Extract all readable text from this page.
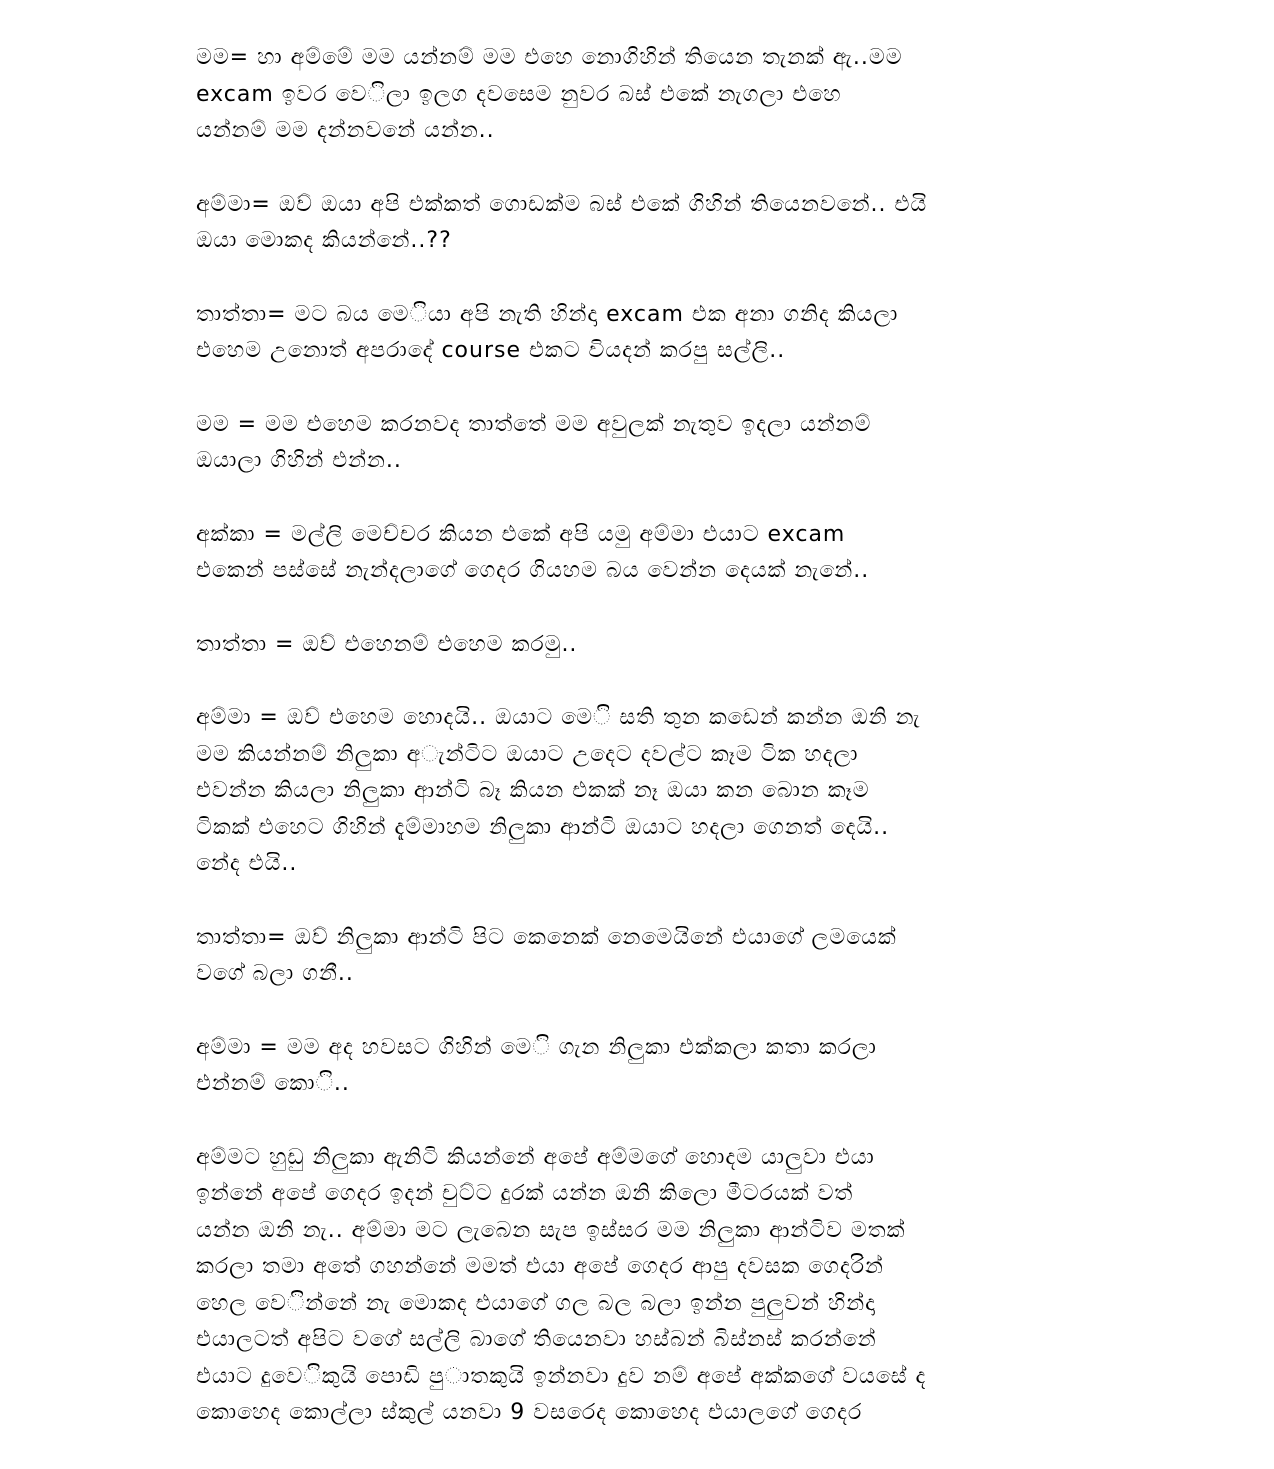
මම= හා අම්මේ මම යන්නම් මම එහෙ නොගිහින් තියෙන තැනක් ඇ..මම
excam ඉවර වෙ◌ිලා ඉලග දවසෙම නුවර බස් එකේ නැගලා එහෙ
යන්නම් මම දන්නවනේ යන්න..
අම්මා= ඔව් ඔයා අපි එක්කත් ගොඩක්ම බස් එකේ ගිහින් තියෙනවනේ.. එයි
ඔයා මොකද කියන්නේ..??
තාත්තා= මට බය මෙ◌ියා අපි නැති හින්දා excam එක අනා ගනිද කියලා
එහෙම උනොත් අපරාදේ course එකට වියදන් කරපු සල්ලි..
මම = මම එහෙම කරනවද තාත්තේ මම අවුලක් නැතුව ඉදලා යන්නම්
ඔයාලා ගිහින් එන්න..
අක්කා = මල්ලි මෙච්චර කියන එකේ අපි යමු අම්මා එයාට excam
එකෙන් පස්සේ නැන්දලාගේ ගෙදර ගියහම බය වෙන්න දෙයක් නැනේ..
තාත්තා = ඔව් එහෙනම් එහෙම කරමු..
අම්මා = ඔව් එහෙම හොදයි.. ඔයාට මෙ◌ි සති තුන කඩෙන් කන්න ඔනි නැ
මම කියන්නම් නිලුකා අ◌ැන්ටිට ඔයාට උදෙට දවල්ට කෑම ටික හදලා
එවන්න කියලා නිලුකා ආන්ටි බෑ කියන එකක් නෑ ඔයා කන බොන කෑම
ටිකක් එහෙට ගිහින් දැම්මාහම නිලුකා ආන්ටි ඔයාට හදලා ගෙනත් දෙයි..
නේද එයි..
තාත්තා= ඔව් නිලුකා ආන්ටි පිට කෙනෙක් නෙමෙයිනේ එයාගේ ලමයෙක්
වගේ බලා ගනී..
අම්මා = මම අද හවසට ගිහින් මෙ◌ි ගැන නිලුකා එක්කලා කතා කරලා
එන්නම් කො◌ි..
අම්මට හුඩු නිලුකා ඇනිටි කියන්නේ අපේ අම්මගේ හොදම යාලුවා එයා
ඉන්නේ අපේ ගෙදර ඉදන් චුට්ට දුරක් යන්න ඔනි කිලො මීටරයක් වත්
යන්න ඔනි නැ.. අම්මා මට ලැබෙන සැප ඉස්සර මම නිලුකා ආන්ටිව මතක්
කරලා තමා අතේ ගහන්නේ මමත් එයා අපේ ගෙදර ආපු දවසක ගෙදරින්
හෙල වෙ◌ින්නේ නැ මොකද එයාගේ ගල බල බලා ඉන්න පුලුවන් හින්දා
එයාලටත් අපිට වගේ සල්ලි බාගේ තියෙනවා හස්බන් බිස්නස් කරන්නේ
එයාට දුවෙ◌ිකුයි පොඩි පු◌ාතකුයි ඉන්නවා දුව නම් අපේ අක්කගේ වයසේ ද
කොහෙද කොල්ලා ස්කුල් යනවා 9 වසරෙද කොහෙද එයාලගේ ගෙදර
